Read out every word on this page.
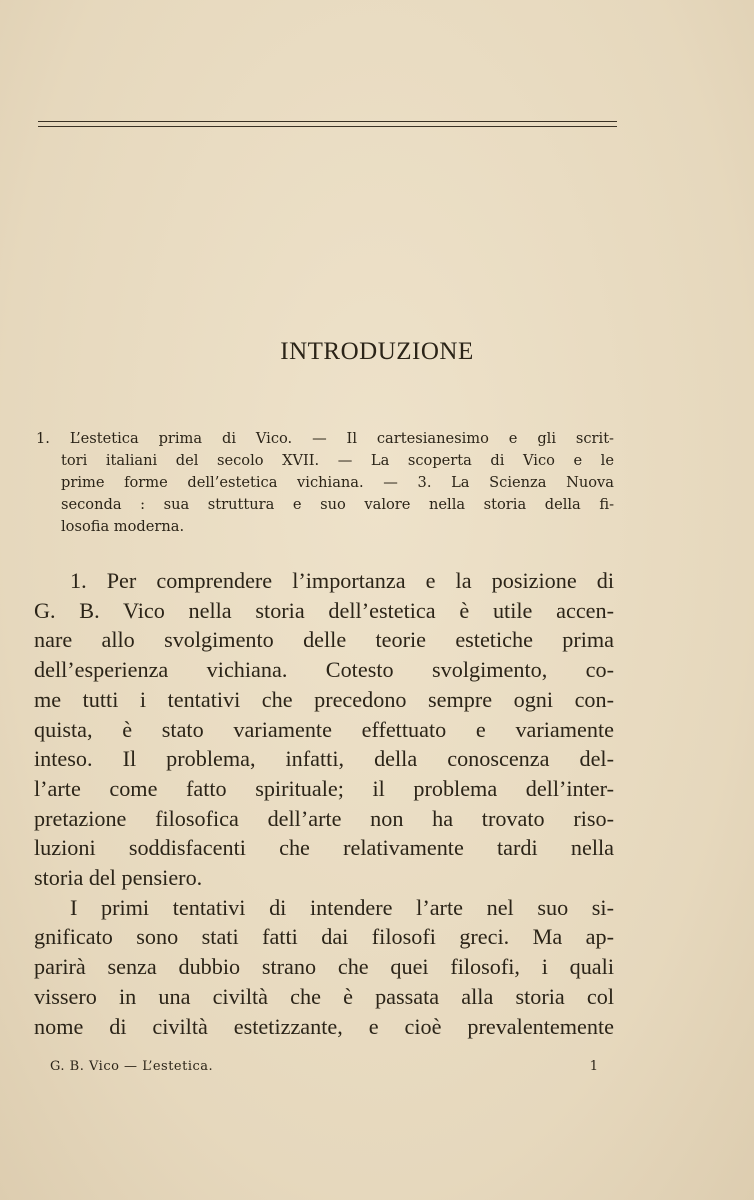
INTRODUZIONE
1. L’estetica prima di Vico. — Il cartesianesimo e gli scrit-
tori italiani del secolo XVII. — La scoperta di Vico e le
prime forme dell’estetica vichiana. — 3. La Scienza Nuova
seconda : sua struttura e suo valore nella storia della fi-
losofia moderna.
1. Per comprendere l’importanza e la posizione di
G. B. Vico nella storia dell’estetica è utile accen-
nare allo svolgimento delle teorie estetiche prima
dell’esperienza vichiana. Cotesto svolgimento, co-
me tutti i tentativi che precedono sempre ogni con-
quista, è stato variamente effettuato e variamente
inteso. Il problema, infatti, della conoscenza del-
l’arte come fatto spirituale; il problema dell’inter-
pretazione filosofica dell’arte non ha trovato riso-
luzioni soddisfacenti che relativamente tardi nella
storia del pensiero.
I primi tentativi di intendere l’arte nel suo si-
gnificato sono stati fatti dai filosofi greci. Ma ap-
parirà senza dubbio strano che quei filosofi, i quali
vissero in una civiltà che è passata alla storia col
nome di civiltà estetizzante, e cioè prevalentemente
G. B. Vico — L’estetica.	1
